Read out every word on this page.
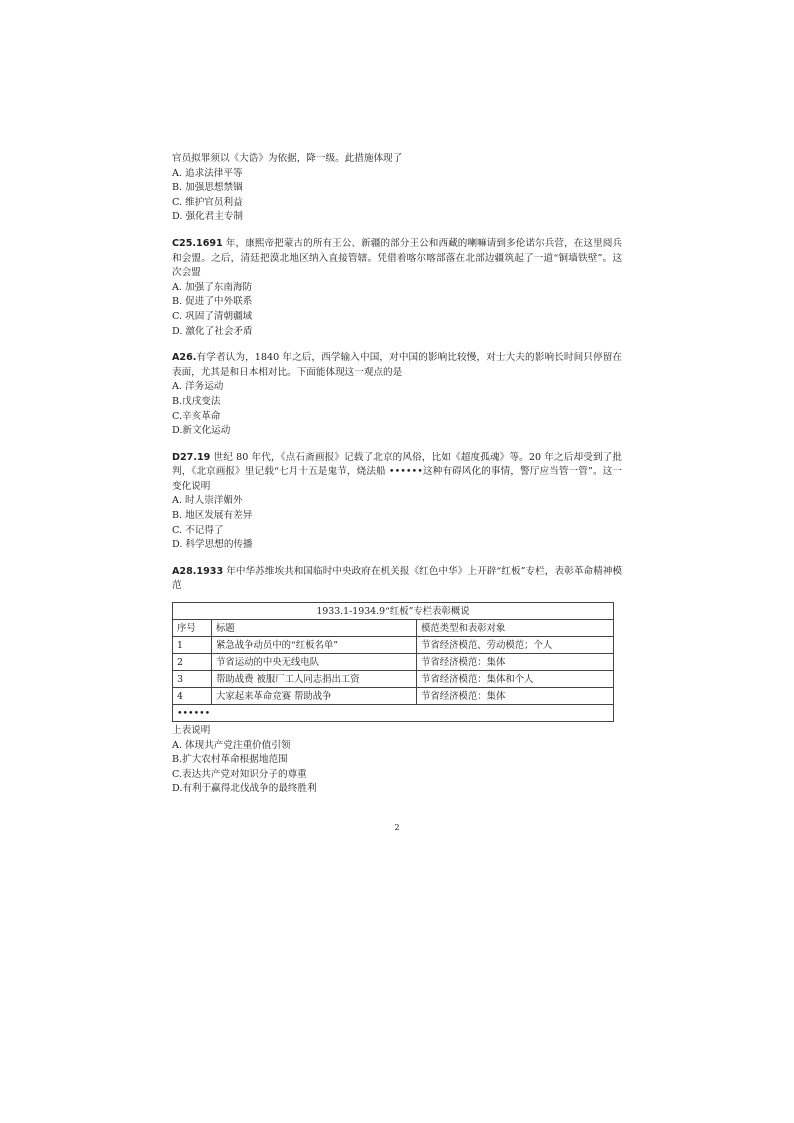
官员拟罪须以《大诰》为依据，降一级。此措施体现了
A. 追求法律平等
B. 加强思想禁锢
C. 维护官员利益
D. 强化君主专制
C25.1691 年，康熙帝把蒙古的所有王公、新疆的部分王公和西藏的喇嘛请到多伦诺尔兵营，在这里阅兵和会盟。之后，清廷把漠北地区纳入直接管辖。凭借着喀尔喀部落在北部边疆筑起了一道“铜墙铁壁”。这次会盟
A. 加强了东南海防
B. 促进了中外联系
C. 巩固了清朝疆域
D. 激化了社会矛盾
A26.有学者认为，1840 年之后，西学输入中国，对中国的影响比较慢，对士大夫的影响长时间只停留在表面，尤其是和日本相对比。下面能体现这一观点的是
A. 洋务运动
B.戊戌变法
C.辛亥革命
D.新文化运动
D27.19 世纪 80 年代，《点石斋画报》记载了北京的风俗，比如《超度孤魂》等。20 年之后却受到了批判，《北京画报》里记载“七月十五是鬼节，烧法船 ••••••这种有碍风化的事情，警厅应当管一管”。这一变化说明
A. 时人崇洋媚外
B. 地区发展有差异
C. 不记得了
D. 科学思想的传播
A28.1933 年中华苏维埃共和国临时中央政府在机关报《红色中华》上开辟“红板”专栏，表彰革命精神模范
1933.1-1934.9“红板”专栏表彰概说		
序号	标题	模范类型和表彰对象
1	紧急战争动员中的“红板名单”	节省经济模范、劳动模范；个人
2	节省运动的中央无线电队	节省经济模范：集体
3	帮助战费 被服厂工人同志捐出工资	节省经济模范：集体和个人
4	大家起来革命竞赛 帮助战争	节省经济模范：集体
••••••		
上表说明
A. 体现共产党注重价值引领
B.扩大农村革命根据地范围
C.表达共产党对知识分子的尊重
D.有利于赢得北伐战争的最终胜利
2
